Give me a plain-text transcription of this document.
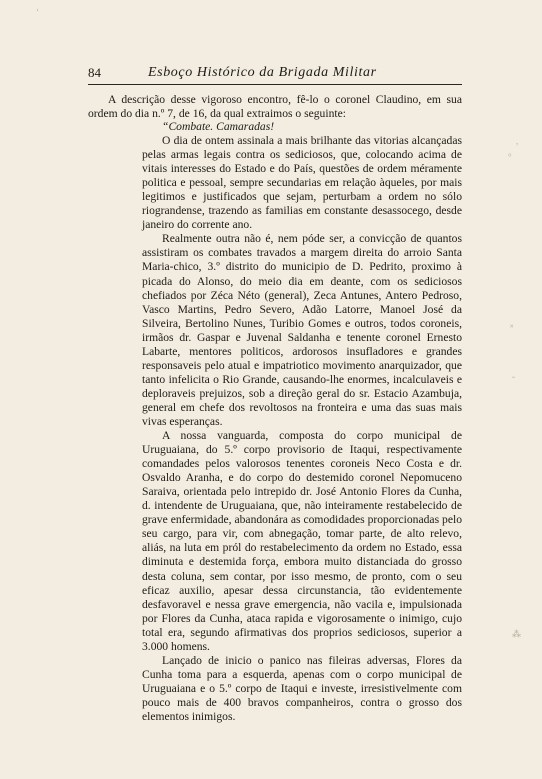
84	Esboço Histórico da Brigada Militar

A descrição desse vigoroso encontro, fê-lo o coronel Claudino, em sua ordem do dia n.º 7, de 16, da qual extraimos o seguinte:

“Combate. Camaradas!

O dia de ontem assinala a mais brilhante das vitorias alcançadas pelas armas legais contra os sediciosos, que, colocando acima de vitais interesses do Estado e do País, questões de ordem méramente politica e pessoal, sempre secundarias em relação àqueles, por mais legitimos e justificados que sejam, perturbam a ordem no sólo riograndense, trazendo as familias em constante desassocego, desde janeiro do corrente ano.

Realmente outra não é, nem póde ser, a convicção de quantos assistiram os combates travados a margem direita do arroio Santa Maria-chico, 3.º distrito do municipio de D. Pedrito, proximo à picada do Alonso, do meio dia em deante, com os sediciosos chefiados por Zéca Néto (general), Zeca Antunes, Antero Pedroso, Vasco Martins, Pedro Severo, Adão Latorre, Manoel José da Silveira, Bertolino Nunes, Turibio Gomes e outros, todos coroneis, irmãos dr. Gaspar e Juvenal Saldanha e tenente coronel Ernesto Labarte, mentores politicos, ardorosos insufladores e grandes responsaveis pelo atual e impatriotico movimento anarquizador, que tanto infelicita o Rio Grande, causando-lhe enormes, incalculaveis e deploraveis prejuizos, sob a direção geral do sr. Estacio Azambuja, general em chefe dos revoltosos na fronteira e uma das suas mais vivas esperanças.

A nossa vanguarda, composta do corpo municipal de Uruguaiana, do 5.º corpo provisorio de Itaqui, respectivamente comandades pelos valorosos tenentes coroneis Neco Costa e dr. Osvaldo Aranha, e do corpo do destemido coronel Nepomuceno Saraiva, orientada pelo intrepido dr. José Antonio Flores da Cunha, d. intendente de Uruguaiana, que, não inteiramente restabelecido de grave enfermidade, abandonára as comodidades proporcionadas pelo seu cargo, para vir, com abnegação, tomar parte, de alto relevo, aliás, na luta em pról do restabelecimento da ordem no Estado, essa diminuta e destemida força, embora muito distanciada do grosso desta coluna, sem contar, por isso mesmo, de pronto, com o seu eficaz auxilio, apesar dessa circunstancia, tão evidentemente desfavoravel e nessa grave emergencia, não vacila e, impulsionada por Flores da Cunha, ataca rapida e vigorosamente o inimigo, cujo total era, segundo afirmativas dos proprios sediciosos, superior a 3.000 homens.

Lançado de inicio o panico nas fileiras adversas, Flores da Cunha toma para a esquerda, apenas com o corpo municipal de Uruguaiana e o 5.º corpo de Itaqui e investe, irresistivelmente com pouco mais de 400 bravos companheiros, contra o grosso dos elementos inimigos.

ʻ
,
°
˟
ˇ
⁂
